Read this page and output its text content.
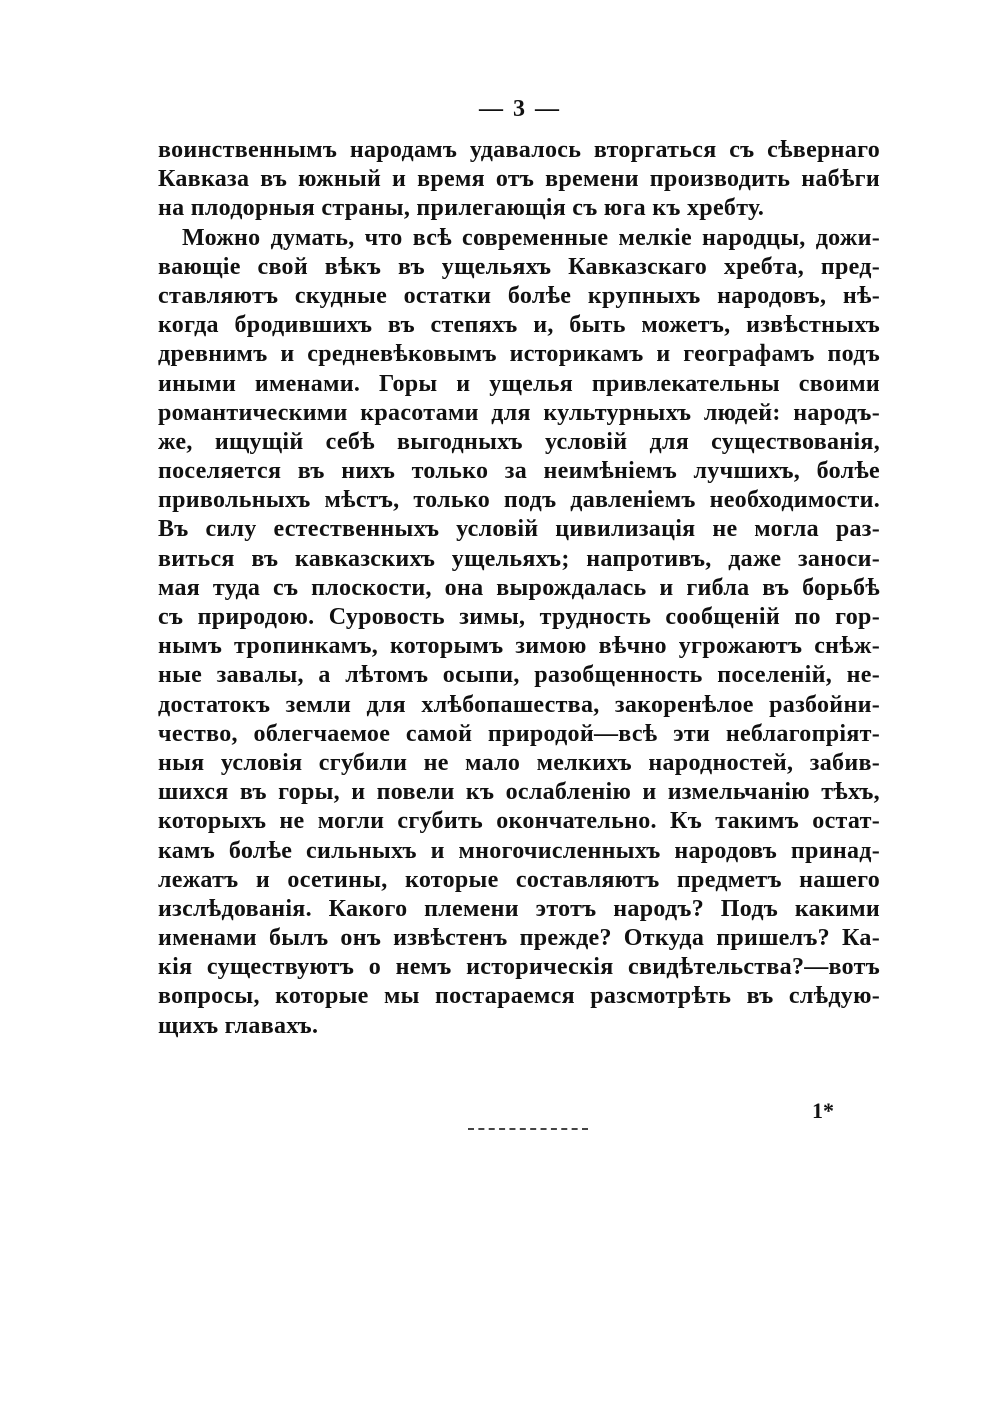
— 3 —
воинственнымъ народамъ удавалось вторгаться съ сѣвернаго
Кавказа въ южный и время отъ времени производить набѣги
на плодорныя страны, прилегающія съ юга къ хребту.
Можно думать, что всѣ современные мелкіе народцы, дожи-
вающіе свой вѣкъ въ ущельяхъ Кавказскаго хребта, пред-
ставляютъ скудные остатки болѣе крупныхъ народовъ, нѣ-
когда бродившихъ въ степяхъ и, быть можетъ, извѣстныхъ
древнимъ и средневѣковымъ историкамъ и географамъ подъ
иными именами. Горы и ущелья привлекательны своими
романтическими красотами для культурныхъ людей: народъ-
же, ищущій себѣ выгодныхъ условій для существованія,
поселяется въ нихъ только за неимѣніемъ лучшихъ, болѣе
привольныхъ мѣстъ, только подъ давленіемъ необходимости.
Въ силу естественныхъ условій цивилизація не могла раз-
виться въ кавказскихъ ущельяхъ; напротивъ, даже заноси-
мая туда съ плоскости, она вырождалась и гибла въ борьбѣ
съ природою. Суровость зимы, трудность сообщеній по гор-
нымъ тропинкамъ, которымъ зимою вѣчно угрожаютъ снѣж-
ные завалы, а лѣтомъ осыпи, разобщенность поселеній, не-
достатокъ земли для хлѣбопашества, закоренѣлое разбойни-
чество, облегчаемое самой природой—всѣ эти неблагопріят-
ныя условія сгубили не мало мелкихъ народностей, забив-
шихся въ горы, и повели къ ослабленію и измельчанію тѣхъ,
которыхъ не могли сгубить окончательно. Къ такимъ остат-
камъ болѣе сильныхъ и многочисленныхъ народовъ принад-
лежатъ и осетины, которые составляютъ предметъ нашего
изслѣдованія. Какого племени этотъ народъ? Подъ какими
именами былъ онъ извѣстенъ прежде? Откуда пришелъ? Ка-
кія существуютъ о немъ историческія свидѣтельства?—вотъ
вопросы, которые мы постараемся разсмотрѣть въ слѣдую-
щихъ главахъ.
1*
